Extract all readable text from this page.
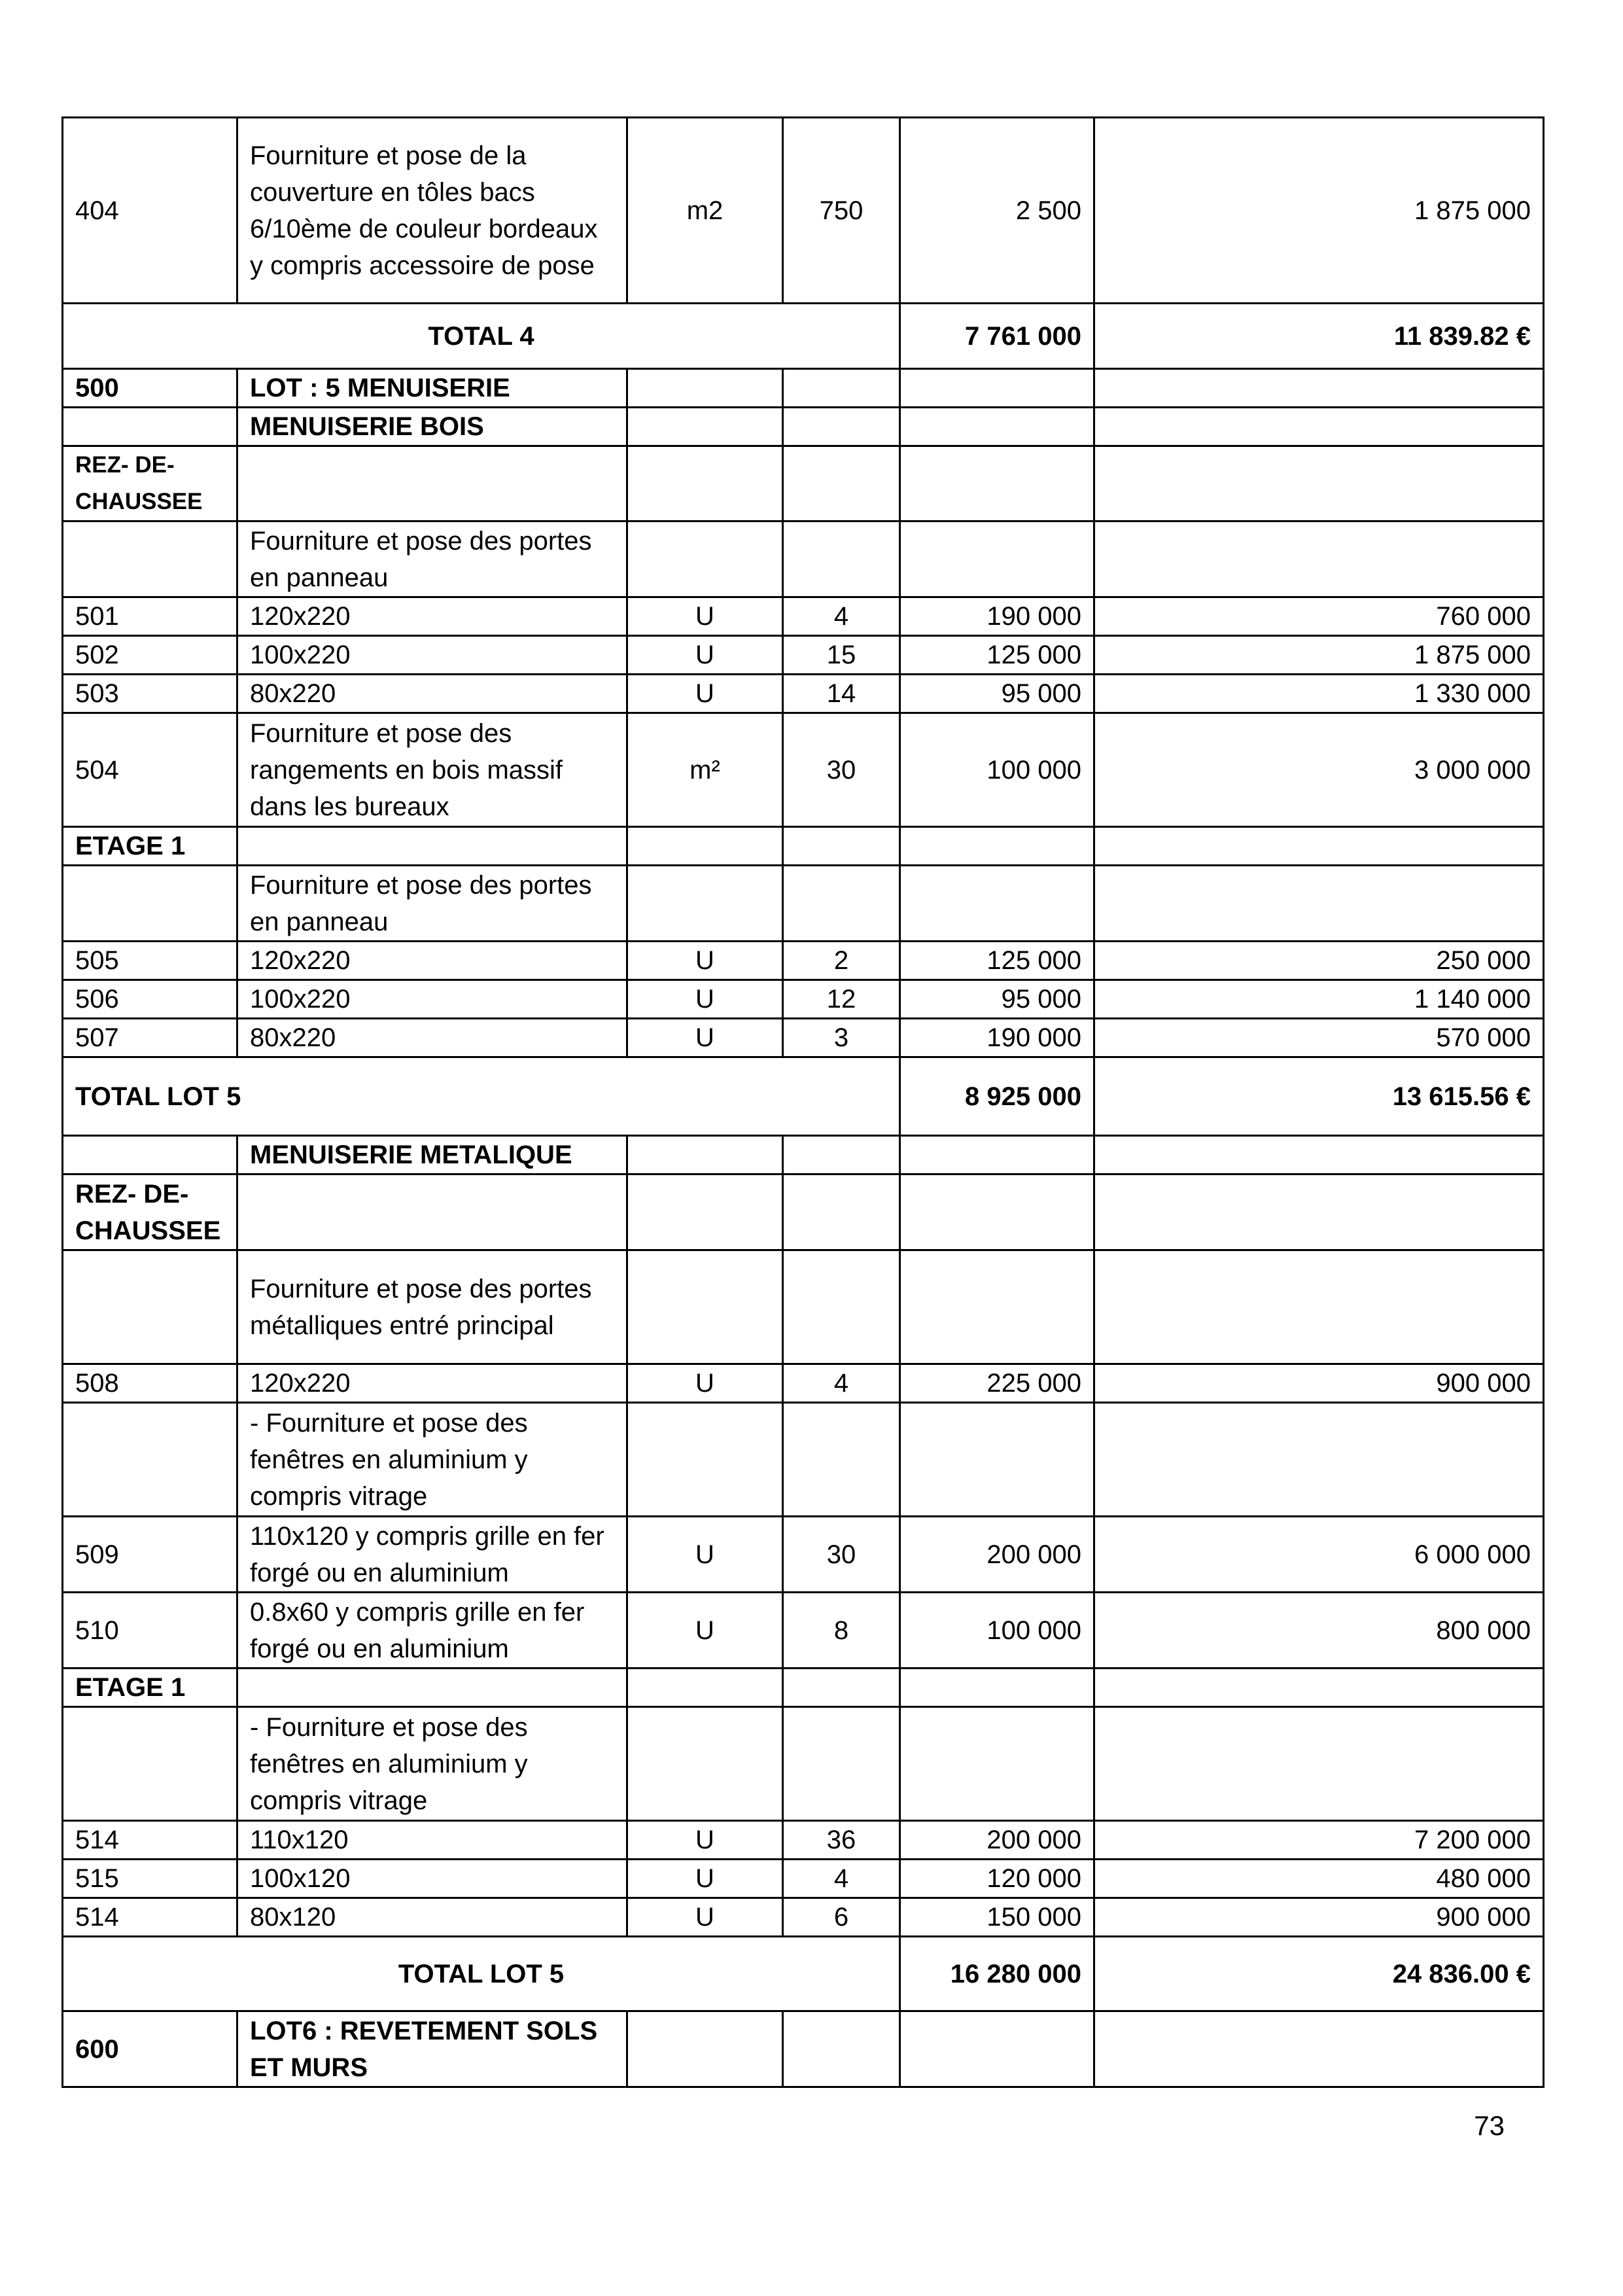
404	Fourniture et pose de la couverture en tôles bacs 6/10ème de couleur bordeaux y compris accessoire de pose	m2	750	2 500	1 875 000
TOTAL 4				7 761 000	11 839.82 €
500	LOT : 5 MENUISERIE				
	MENUISERIE BOIS				
REZ- DE-CHAUSSEE					
	Fourniture et pose des portes en panneau				
501	120x220	U	4	190 000	760 000
502	100x220	U	15	125 000	1 875 000
503	80x220	U	14	95 000	1 330 000
504	Fourniture et pose des rangements en bois massif dans les bureaux	m²	30	100 000	3 000 000
ETAGE 1					
	Fourniture et pose des portes en panneau				
505	120x220	U	2	125 000	250 000
506	100x220	U	12	95 000	1 140 000
507	80x220	U	3	190 000	570 000
TOTAL LOT 5				8 925 000	13 615.56 €
	MENUISERIE METALIQUE				
REZ- DE-CHAUSSEE					
	Fourniture et pose des portes métalliques entré principal				
508	120x220	U	4	225 000	900 000
	- Fourniture et pose des fenêtres en aluminium y compris vitrage				
509	110x120 y compris grille en fer forgé ou en aluminium	U	30	200 000	6 000 000
510	0.8x60 y compris grille en fer forgé ou en aluminium	U	8	100 000	800 000
ETAGE 1					
	- Fourniture et pose des fenêtres en aluminium y compris vitrage				
514	110x120	U	36	200 000	7 200 000
515	100x120	U	4	120 000	480 000
514	80x120	U	6	150 000	900 000
TOTAL LOT 5				16 280 000	24 836.00 €
600	LOT6 : REVETEMENT SOLS ET MURS				
73
